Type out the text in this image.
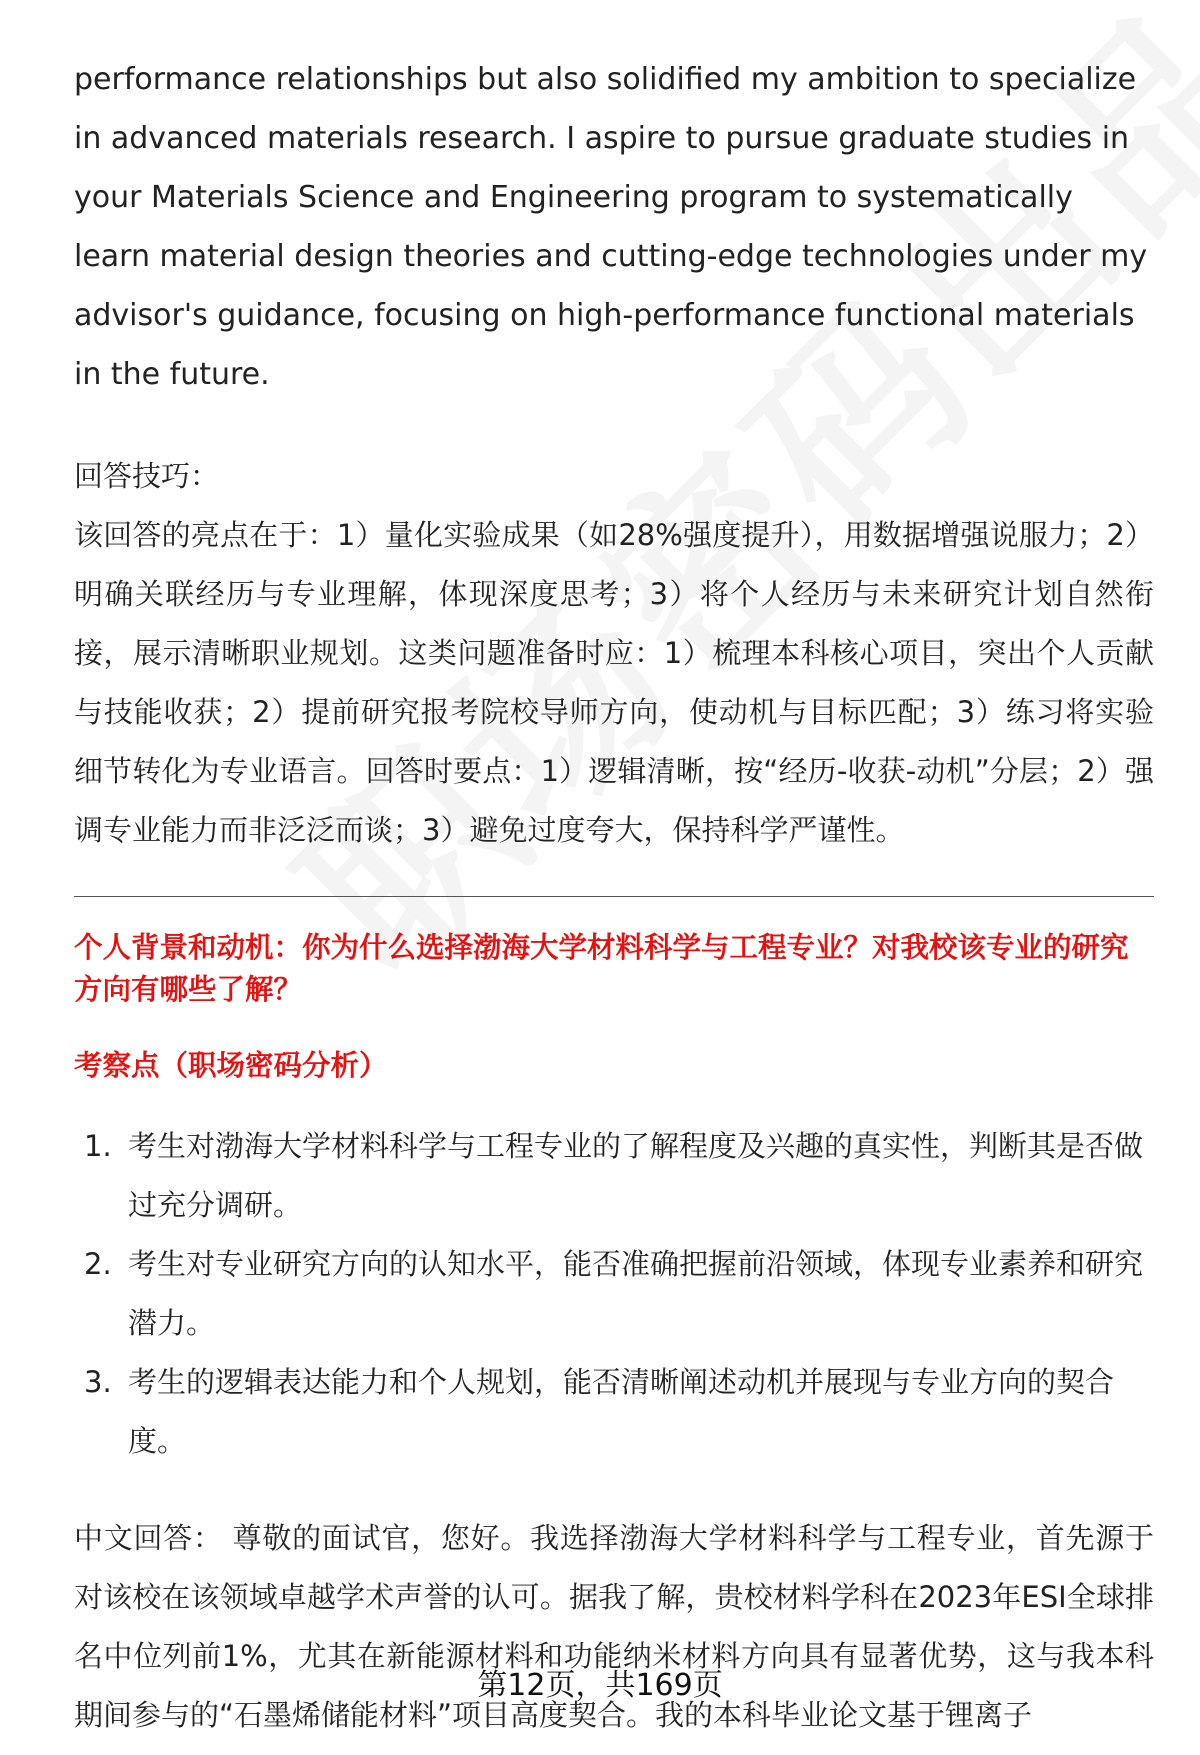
performance relationships but also solidified my ambition to specialize in advanced materials research. I aspire to pursue graduate studies in your Materials Science and Engineering program to systematically learn material design theories and cutting-edge technologies under my advisor's guidance, focusing on high-performance functional materials in the future.

回答技巧：

该回答的亮点在于：1）量化实验成果（如28%强度提升），用数据增强说服力；2）明确关联经历与专业理解，体现深度思考；3）将个人经历与未来研究计划自然衔接，展示清晰职业规划。这类问题准备时应：1）梳理本科核心项目，突出个人贡献与技能收获；2）提前研究报考院校导师方向，使动机与目标匹配；3）练习将实验细节转化为专业语言。回答时要点：1）逻辑清晰，按“经历-收获-动机”分层；2）强调专业能力而非泛泛而谈；3）避免过度夸大，保持科学严谨性。

个人背景和动机：你为什么选择渤海大学材料科学与工程专业？对我校该专业的研究方向有哪些了解？

考察点（职场密码分析）

1. 考生对渤海大学材料科学与工程专业的了解程度及兴趣的真实性，判断其是否做过充分调研。
2. 考生对专业研究方向的认知水平，能否准确把握前沿领域，体现专业素养和研究潜力。
3. 考生的逻辑表达能力和个人规划，能否清晰阐述动机并展现与专业方向的契合度。

中文回答： 尊敬的面试官，您好。我选择渤海大学材料科学与工程专业，首先源于对该校在该领域卓越学术声誉的认可。据我了解，贵校材料学科在2023年ESI全球排名中位列前1%，尤其在新能源材料和功能纳米材料方向具有显著优势，这与我本科期间参与的“石墨烯储能材料”项目高度契合。我的本科毕业论文基于锂离子

第12页，共169页
